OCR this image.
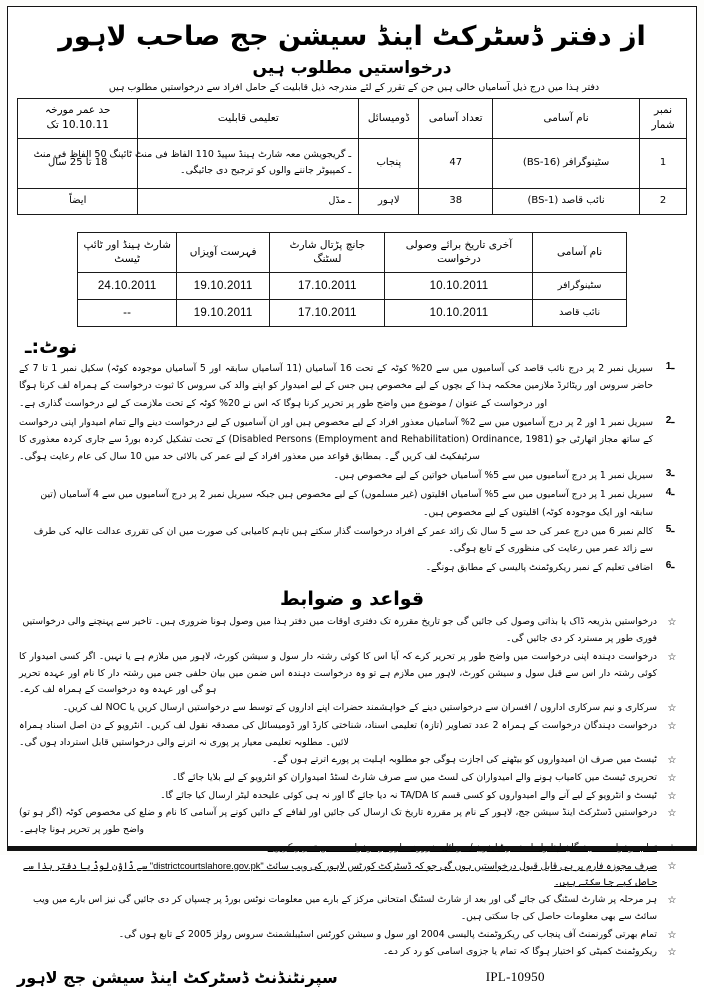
از دفتر ڈسٹرکٹ اینڈ سیشن جج صاحب لاہور
درخواستیں مطلوب ہیں
دفتر ہذا میں درج ذیل آسامیاں خالی ہیں جن کے تقرر کے لئے مندرجہ ذیل قابلیت کے حامل افراد سے درخواستیں مطلوب ہیں
نمبر شمار	نام آسامی	تعداد آسامی	ڈومیسائل	تعلیمی قابلیت	حد عمر مورخہ 10.10.11 تک
1	سٹینوگرافر (BS-16)	47	پنجاب	ـ گریجویشن معہ شارٹ ہینڈ سپیڈ 110 الفاظ فی منٹ ٹائپنگ 50 الفاظ فی منٹ
ـ کمپیوٹر جاننے والوں کو ترجیح دی جائیگی۔	18 تا 25 سال
2	نائب قاصد (BS-1)	38	لاہور	ـ مڈل	ایضاً
نام آسامی	آخری تاریخ برائے وصولی درخواست	جانچ پڑتال شارٹ لسٹنگ	فہرست آویزاں	شارٹ ہینڈ اور ٹائپ ٹیسٹ
سٹینوگرافر	10.10.2011	17.10.2011	19.10.2011	24.10.2011
نائب قاصد	10.10.2011	17.10.2011	19.10.2011	--
نوٹ:ـ
1ـ
سیریل نمبر 2 پر درج نائب قاصد کی آسامیوں میں سے 20% کوٹہ کے تحت 16 آسامیاں (11 آسامیاں سابقہ اور 5 آسامیاں موجودہ کوٹہ) سکیل نمبر 1 تا 7 کے حاضر سروس اور ریٹائرڈ ملازمین محکمہ ہذا کے بچوں کے لیے مخصوص ہیں جس کے لیے امیدوار کو اپنے والد کی سروس کا ثبوت درخواست کے ہمراہ لف کرنا ہوگا اور درخواست کے عنوان / موضوع میں واضح طور پر تحریر کرنا ہوگا کہ اس نے 20% کوٹہ کے تحت ملازمت کے لیے درخواست گذاری ہے۔
2ـ
سیریل نمبر 1 اور 2 پر درج آسامیوں میں سے 2% آسامیاں معذور افراد کے لیے مخصوص ہیں اور ان آسامیوں کے لیے درخواست دینے والے تمام امیدوار اپنی درخواست کے ساتھ مجاز اتھارٹی جو (Disabled Persons (Employment and Rehabilitation) Ordinance, 1981) کے تحت تشکیل کردہ بورڈ سے جاری کردہ معذوری کا سرٹیفکیٹ لف کریں گے۔ بمطابق قواعد میں معذور افراد کے لیے عمر کی بالائی حد میں 10 سال کی عام رعایت ہوگی۔
3ـ
سیریل نمبر 1 پر درج آسامیوں میں سے 5% آسامیاں خواتین کے لیے مخصوص ہیں۔
4ـ
سیریل نمبر 1 پر درج آسامیوں میں سے 5% آسامیاں اقلیتوں (غیر مسلموں) کے لیے مخصوص ہیں جبکہ سیریل نمبر 2 پر درج آسامیوں میں سے 4 آسامیاں (تین سابقہ اور ایک موجودہ کوٹہ) اقلیتوں کے لیے مخصوص ہیں۔
5ـ
کالم نمبر 6 میں درج عمر کی حد سے 5 سال تک زائد عمر کے افراد درخواست گذار سکتے ہیں تاہم کامیابی کی صورت میں ان کی تقرری عدالت عالیہ کی طرف سے زائد عمر میں رعایت کی منظوری کے تابع ہوگی۔
6ـ
اضافی تعلیم کے نمبر ریکروٹمنٹ پالیسی کے مطابق ہونگے۔
قواعد و ضوابط
☆
درخواستیں بذریعہ ڈاک یا بذاتی وصول کی جائیں گی جو تاریخ مقررہ تک دفتری اوقات میں دفتر ہذا میں وصول ہونا ضروری ہیں۔ تاخیر سے پہنچنے والی درخواستیں فوری طور پر مسترد کر دی جائیں گی۔
☆
درخواست دہندہ اپنی درخواست میں واضح طور پر تحریر کرے کہ آیا اس کا کوئی رشتہ دار سول و سیشن کورٹ، لاہور میں ملازم ہے یا نہیں۔ اگر کسی امیدوار کا کوئی رشتہ دار اس سے قبل سول و سیشن کورٹ، لاہور میں ملازم ہے تو وہ درخواست دہندہ اس ضمن میں بیان حلفی جس میں رشتہ دار کا نام اور عہدہ تحریر ہو گی اور عہدہ وہ درخواست کے ہمراہ لف کرے۔
☆
سرکاری و نیم سرکاری اداروں / افسران سے درخواستیں دینے کے خواہشمند حضرات اپنے اداروں کے توسط سے درخواستیں ارسال کریں یا NOC لف کریں۔
☆
درخواست دہندگان درخواست کے ہمراہ 2 عدد تصاویر (تازہ) تعلیمی اسناد، شناختی کارڈ اور ڈومیسائل کی مصدقہ نقول لف کریں۔ انٹرویو کے دن اصل اسناد ہمراہ لائیں۔ مطلوبہ تعلیمی معیار پر پوری نہ اترنے والی درخواستیں قابل استرداد ہوں گی۔
☆
ٹیسٹ میں صرف ان امیدواروں کو بیٹھنے کی اجازت ہوگی جو مطلوبہ اہلیت پر پورے اترتے ہوں گے۔
☆
تحریری ٹیسٹ میں کامیاب ہونے والے امیدواران کی لسٹ میں سے صرف شارٹ لسٹڈ امیدواران کو انٹرویو کے لیے بلایا جائے گا۔
☆
ٹیسٹ و انٹرویو کے لیے آنے والے امیدواروں کو کسی قسم کا TA/DA نہ دیا جائے گا اور نہ ہی کوئی علیحدہ لیٹر ارسال کیا جائے گا۔
☆
درخواستیں ڈسٹرکٹ اینڈ سیشن جج، لاہور کے نام پر مقررہ تاریخ تک ارسال کی جائیں اور لفافے کے دائیں کونے پر آسامی کا نام و ضلع کی مخصوص کوٹہ (اگر ہو تو) واضح طور پر تحریر ہونا چاہیے۔
☆
صرف مجوزہ فارم پر ہی قابل قبول درخواستیں ہوں گی جو کہ ڈسٹرکٹ کورٹس لاہور کی ویب سائٹ "districtcourtslahore.gov.pk" سے ڈاؤن لوڈ یا دفتر ہذا سے حاصل کیے جا سکتے ہیں۔
☆
ہر مرحلہ پر شارٹ لسٹنگ کی جائے گی اور بعد از شارٹ لسٹنگ امتحانی مرکز کے بارے میں معلومات نوٹس بورڈ پر چسپاں کر دی جائیں گی نیز اس بارے میں ویب سائٹ سے بھی معلومات حاصل کی جا سکتی ہیں۔
☆
تمام بھرتی گورنمنٹ آف پنجاب کی ریکروٹمنٹ پالیسی 2004 اور سول و سیشن کورٹس اسٹیبلشمنٹ سروس رولز 2005 کے تابع ہوں گی۔
☆
ریکروٹمنٹ کمیٹی کو اختیار ہوگا کہ تمام یا جزوی اسامی کو رد کر دے۔
سپرنٹنڈنٹ ڈسٹرکٹ اینڈ سیشن جج لاہور	IPL-10950
